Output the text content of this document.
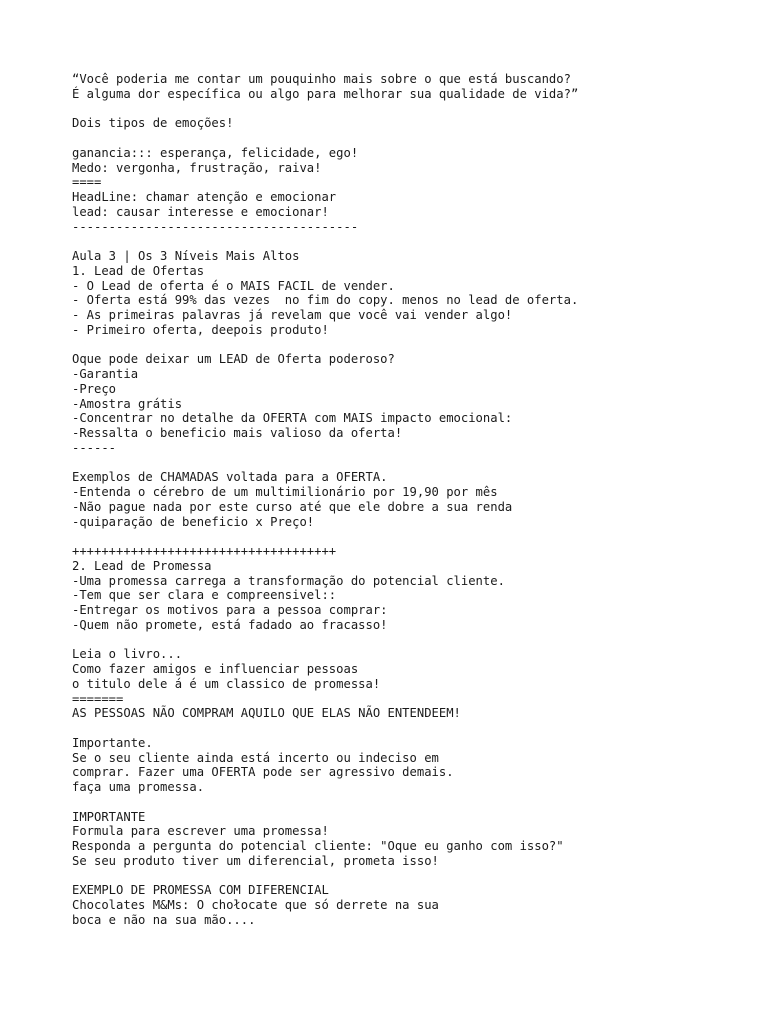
“Você poderia me contar um pouquinho mais sobre o que está buscando?
É alguma dor específica ou algo para melhorar sua qualidade de vida?”
Dois tipos de emoções!
ganancia::: esperança, felicidade, ego!
Medo: vergonha, frustração, raiva!
====
HeadLine: chamar atenção e emocionar
lead: causar interesse e emocionar!
---------------------------------------
Aula 3 | Os 3 Níveis Mais Altos
1. Lead de Ofertas
- O Lead de oferta é o MAIS FACIL de vender.
- Oferta está 99% das vezes  no fim do copy. menos no lead de oferta.
- As primeiras palavras já revelam que você vai vender algo!
- Primeiro oferta, deepois produto!
Oque pode deixar um LEAD de Oferta poderoso?
-Garantia
-Preço
-Amostra grátis
-Concentrar no detalhe da OFERTA com MAIS impacto emocional:
-Ressalta o beneficio mais valioso da oferta!
------
Exemplos de CHAMADAS voltada para a OFERTA.
-Entenda o cérebro de um multimilionário por 19,90 por mês
-Não pague nada por este curso até que ele dobre a sua renda
-quiparação de beneficio x Preço!
++++++++++++++++++++++++++++++++++++
2. Lead de Promessa
-Uma promessa carrega a transformação do potencial cliente.
-Tem que ser clara e compreensivel::
-Entregar os motivos para a pessoa comprar:
-Quem não promete, está fadado ao fracasso!
Leia o livro...
Como fazer amigos e influenciar pessoas
o titulo dele á é um classico de promessa!
=======
AS PESSOAS NÃO COMPRAM AQUILO QUE ELAS NÃO ENTENDEEM!
Importante.
Se o seu cliente ainda está incerto ou indeciso em
comprar. Fazer uma OFERTA pode ser agressivo demais.
faça uma promessa.
IMPORTANTE
Formula para escrever uma promessa!
Responda a pergunta do potencial cliente: "Oque eu ganho com isso?"
Se seu produto tiver um diferencial, prometa isso!
EXEMPLO DE PROMESSA COM DIFERENCIAL
Chocolates M&Ms: O chołocate que só derrete na sua
boca e não na sua mão....
